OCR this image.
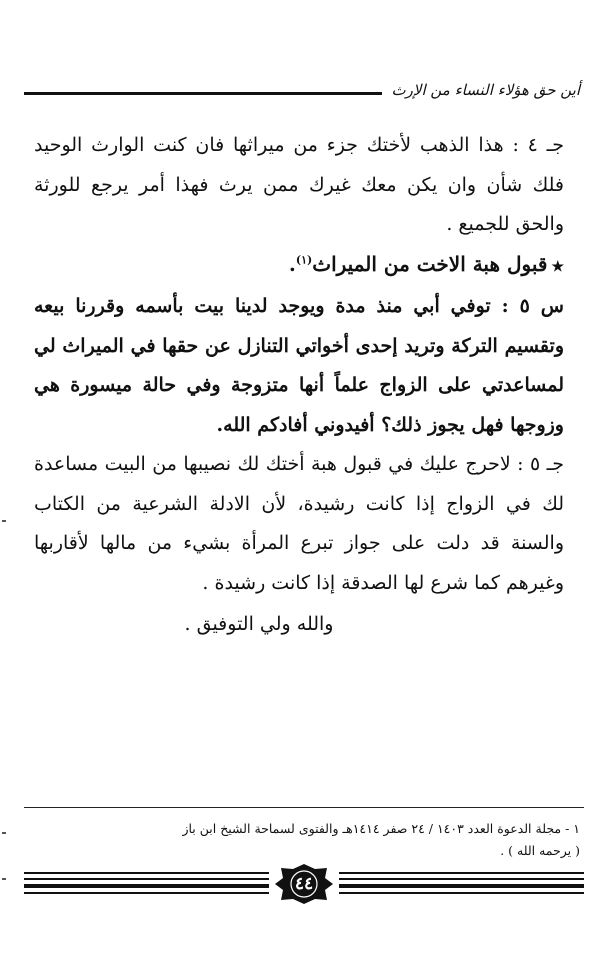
أين حق هؤلاء النساء من الإرث

جـ ٤ : هذا الذهب لأختك جزء من ميراثها فان كنت الوارث الوحيد فلك شأن وان يكن معك غيرك ممن يرث فهذا أمر يرجع للورثة والحق للجميع .

★قبول هبة الاخت من الميراث$^{(١)}$.

س ٥ : توفي أبي منذ مدة ويوجد لدينا بيت بأسمه وقررنا بيعه وتقسيم التركة وتريد إحدى أخواتي التنازل عن حقها في الميراث لي لمساعدتي على الزواج علماً أنها متزوجة وفي حالة ميسورة هي وزوجها فهل يجوز ذلك؟ أفيدوني أفادكم الله.

جـ ٥ : لاحرج عليك في قبول هبة أختك لك نصيبها من البيت مساعدة لك في الزواج إذا كانت رشيدة، لأن الادلة الشرعية من الكتاب والسنة قد دلت على جواز تبرع المرأة بشيء من مالها لأقاربها وغيرهم كما شرع لها الصدقة إذا كانت رشيدة .

والله ولي التوفيق .

١ - مجلة الدعوة العدد ١٤٠٣ / ٢٤ صفر ١٤١٤هـ والفتوى لسماحة الشيخ ابن باز
( يرحمه الله ) .
٤٤
